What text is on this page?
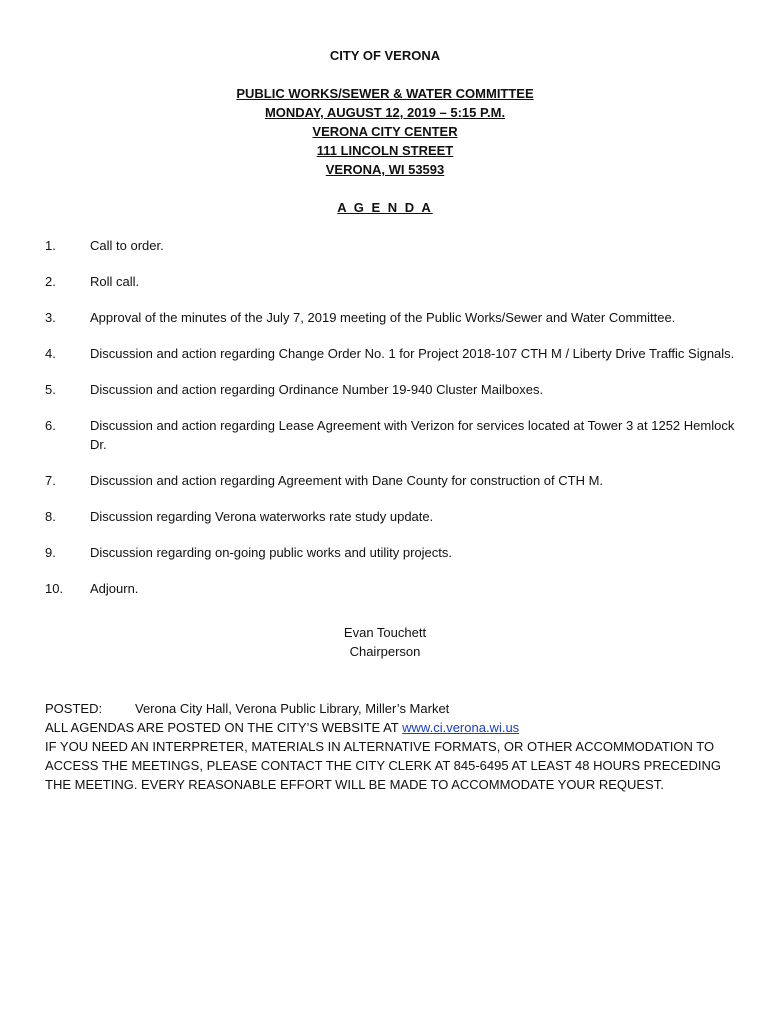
CITY OF VERONA
PUBLIC WORKS/SEWER & WATER COMMITTEE
MONDAY, AUGUST 12, 2019 – 5:15 P.M.
VERONA CITY CENTER
111 LINCOLN STREET
VERONA, WI 53593
A G E N D A
1.	Call to order.
2.	Roll call.
3.	Approval of the minutes of the July 7, 2019 meeting of the Public Works/Sewer and Water Committee.
4.	Discussion and action regarding Change Order No. 1 for Project 2018-107 CTH M / Liberty Drive Traffic Signals.
5.	Discussion and action regarding Ordinance Number 19-940 Cluster Mailboxes.
6.	Discussion and action regarding Lease Agreement with Verizon for services located at Tower 3 at 1252 Hemlock Dr.
7.	Discussion and action regarding Agreement with Dane County for construction of CTH M.
8.	Discussion regarding Verona waterworks rate study update.
9.	Discussion regarding on-going public works and utility projects.
10. Adjourn.
Evan Touchett
Chairperson
POSTED:	Verona City Hall, Verona Public Library, Miller’s Market
ALL AGENDAS ARE POSTED ON THE CITY’S WEBSITE AT www.ci.verona.wi.us
IF YOU NEED AN INTERPRETER, MATERIALS IN ALTERNATIVE FORMATS, OR OTHER ACCOMMODATION TO ACCESS THE MEETINGS, PLEASE CONTACT THE CITY CLERK AT 845-6495 AT LEAST 48 HOURS PRECEDING THE MEETING. EVERY REASONABLE EFFORT WILL BE MADE TO ACCOMMODATE YOUR REQUEST.
